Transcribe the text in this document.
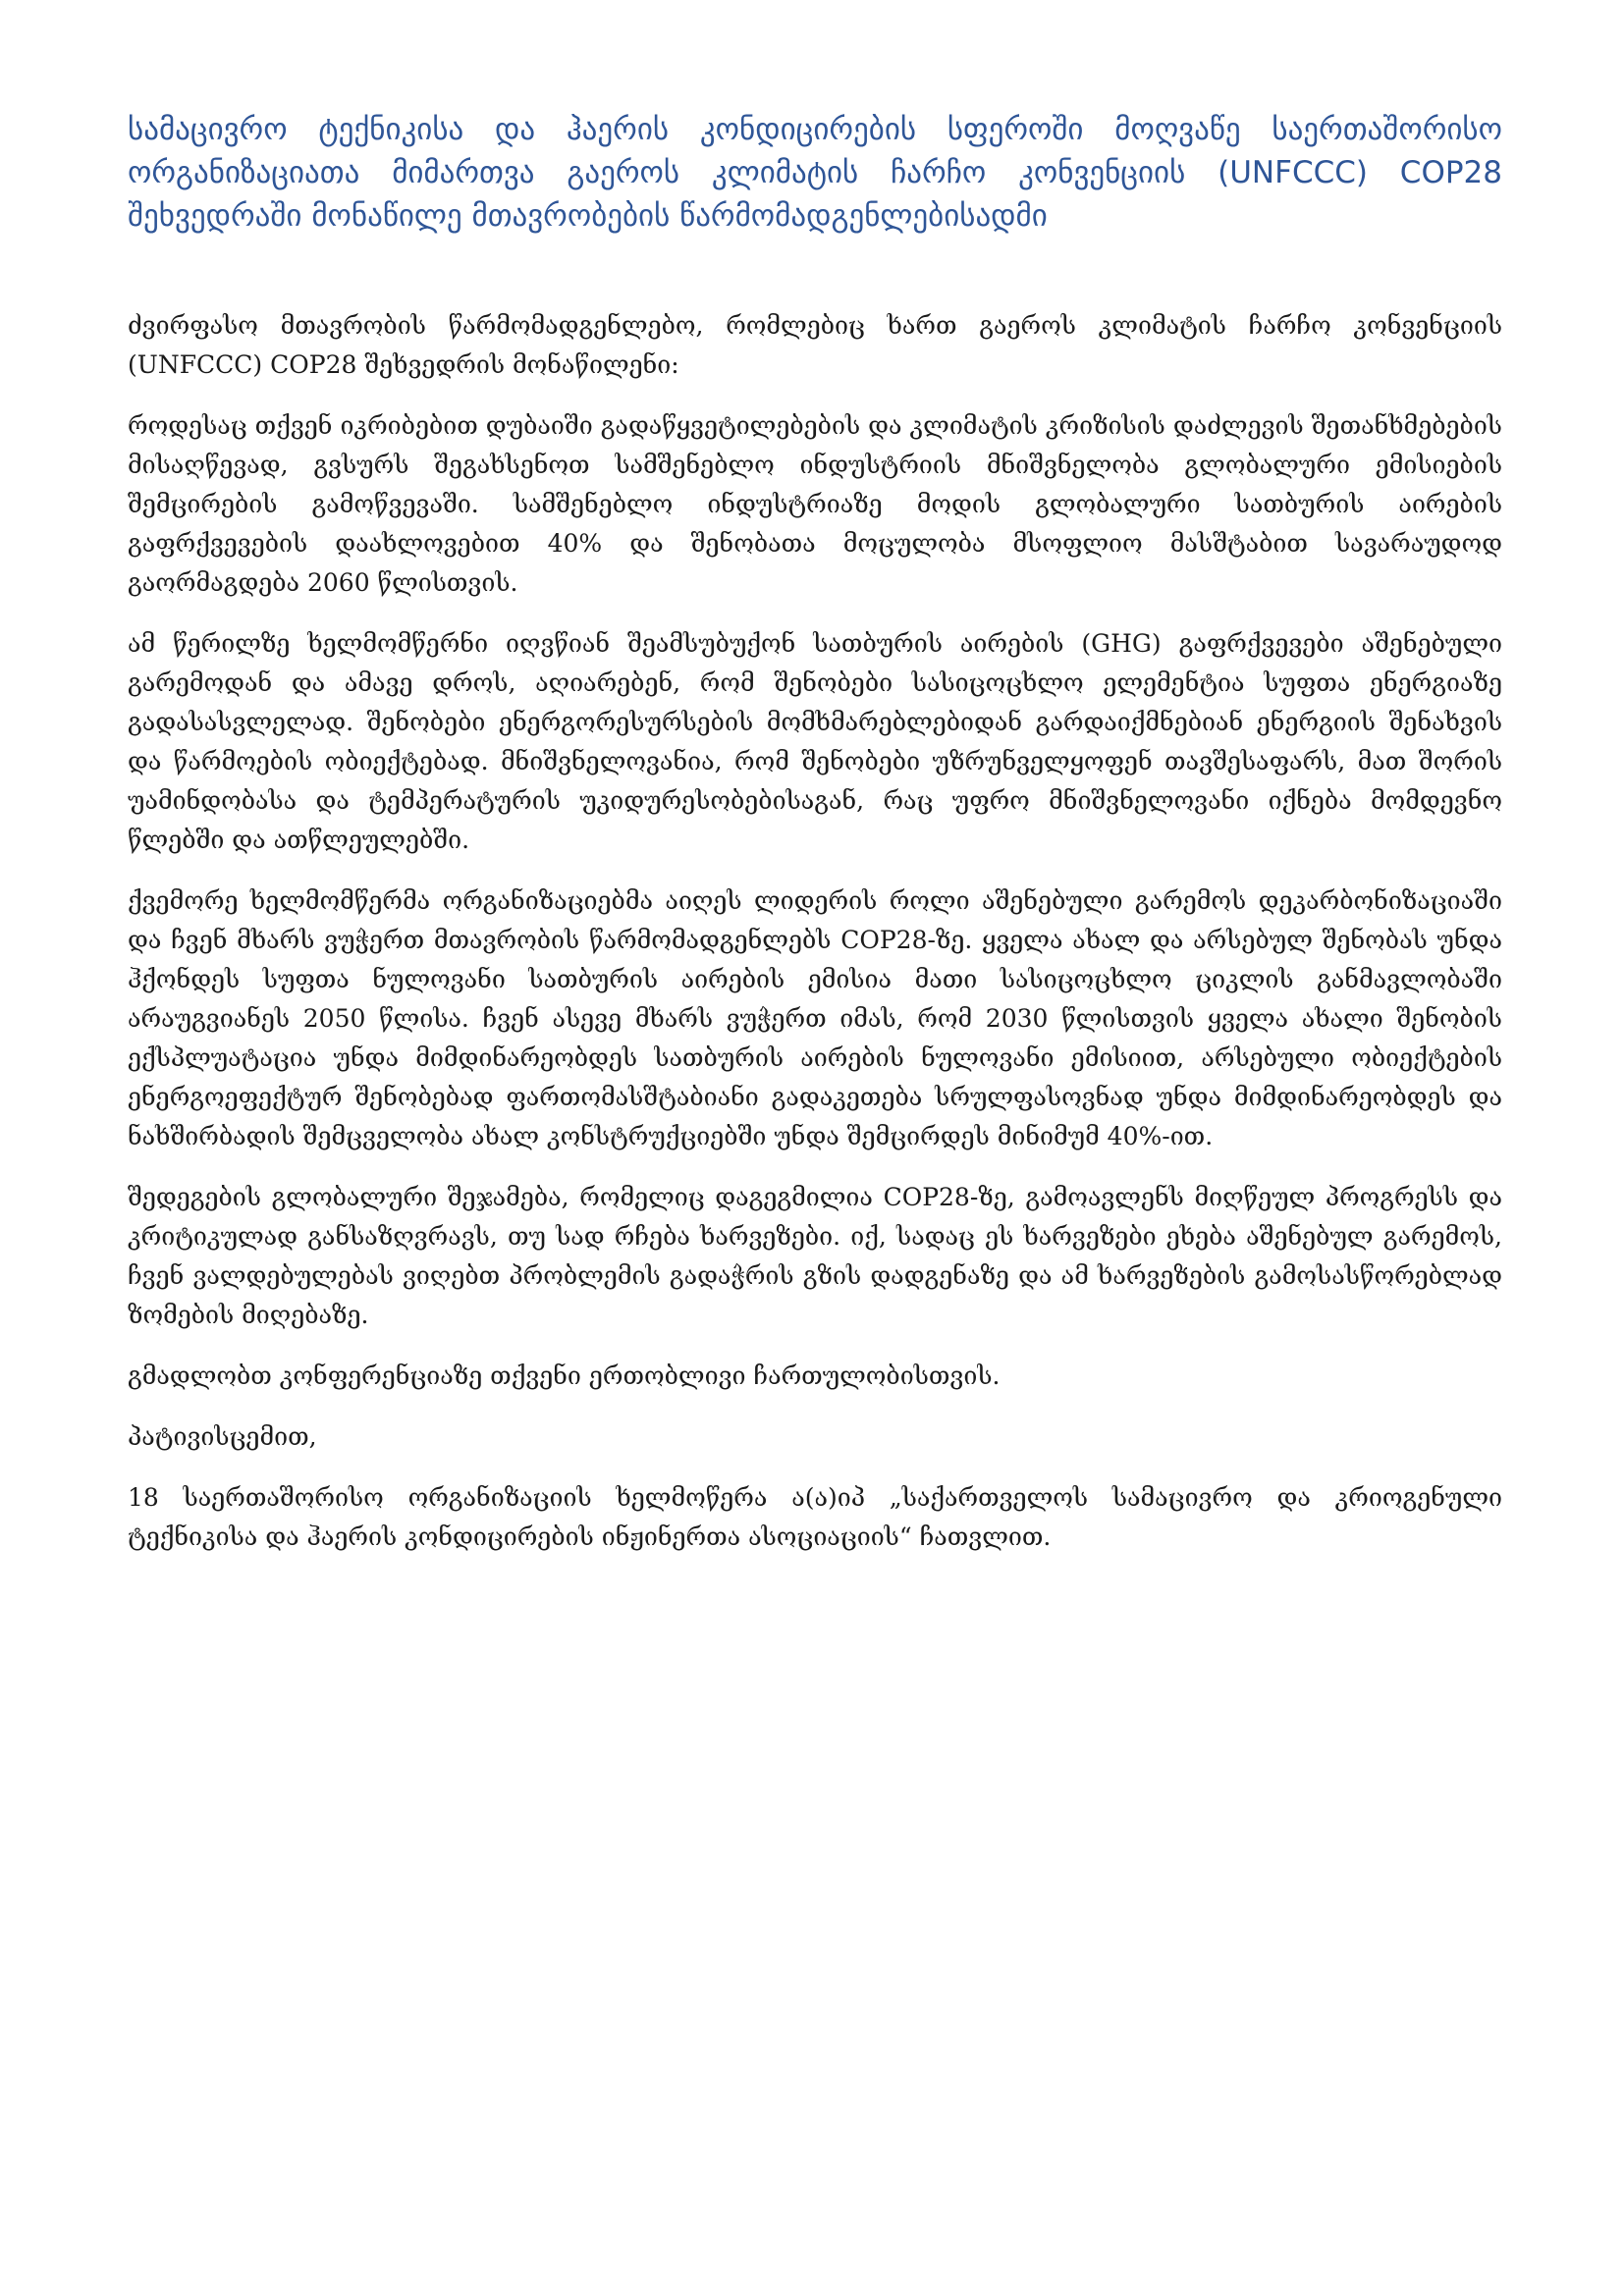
სამაცივრო ტექნიკისა და ჰაერის კონდიცირების სფეროში მოღვაწე საერთაშორისო ორგანიზაციათა მიმართვა გაეროს კლიმატის ჩარჩო კონვენციის (UNFCCC) COP28 შეხვედრაში მონაწილე მთავრობების წარმომადგენლებისადმი

ძვირფასო მთავრობის წარმომადგენლებო, რომლებიც ხართ გაეროს კლიმატის ჩარჩო კონვენციის (UNFCCC) COP28 შეხვედრის მონაწილენი:

როდესაც თქვენ იკრიბებით დუბაიში გადაწყვეტილებების და კლიმატის კრიზისის დაძლევის შეთანხმებების მისაღწევად, გვსურს შეგახსენოთ სამშენებლო ინდუსტრიის მნიშვნელობა გლობალური ემისიების შემცირების გამოწვევაში. სამშენებლო ინდუსტრიაზე მოდის გლობალური სათბურის აირების გაფრქვევების დაახლოვებით 40% და შენობათა მოცულობა მსოფლიო მასშტაბით სავარაუდოდ გაორმაგდება 2060 წლისთვის.

ამ წერილზე ხელმომწერნი იღვწიან შეამსუბუქონ სათბურის აირების (GHG) გაფრქვევები აშენებული გარემოდან და ამავე დროს, აღიარებენ, რომ შენობები სასიცოცხლო ელემენტია სუფთა ენერგიაზე გადასასვლელად. შენობები ენერგორესურსების მომხმარებლებიდან გარდაიქმნებიან ენერგიის შენახვის და წარმოების ობიექტებად. მნიშვნელოვანია, რომ შენობები უზრუნველყოფენ თავშესაფარს, მათ შორის უამინდობასა და ტემპერატურის უკიდურესობებისაგან, რაც უფრო მნიშვნელოვანი იქნება მომდევნო წლებში და ათწლეულებში.

ქვემორე ხელმომწერმა ორგანიზაციებმა აიღეს ლიდერის როლი აშენებული გარემოს დეკარბონიზაციაში და ჩვენ მხარს ვუჭერთ მთავრობის წარმომადგენლებს COP28-ზე. ყველა ახალ და არსებულ შენობას უნდა ჰქონდეს სუფთა ნულოვანი სათბურის აირების ემისია მათი სასიცოცხლო ციკლის განმავლობაში არაუგვიანეს 2050 წლისა. ჩვენ ასევე მხარს ვუჭერთ იმას, რომ 2030 წლისთვის ყველა ახალი შენობის ექსპლუატაცია უნდა მიმდინარეობდეს სათბურის აირების ნულოვანი ემისიით, არსებული ობიექტების ენერგოეფექტურ შენობებად ფართომასშტაბიანი გადაკეთება სრულფასოვნად უნდა მიმდინარეობდეს და ნახშირბადის შემცველობა ახალ კონსტრუქციებში უნდა შემცირდეს მინიმუმ 40%-ით.

შედეგების გლობალური შეჯამება, რომელიც დაგეგმილია COP28-ზე, გამოავლენს მიღწეულ პროგრესს და კრიტიკულად განსაზღვრავს, თუ სად რჩება ხარვეზები. იქ, სადაც ეს ხარვეზები ეხება აშენებულ გარემოს, ჩვენ ვალდებულებას ვიღებთ პრობლემის გადაჭრის გზის დადგენაზე და ამ ხარვეზების გამოსასწორებლად ზომების მიღებაზე.

გმადლობთ კონფერენციაზე თქვენი ერთობლივი ჩართულობისთვის.

პატივისცემით,

18 საერთაშორისო ორგანიზაციის ხელმოწერა ა(ა)იპ „საქართველოს სამაცივრო და კრიოგენული ტექნიკისა და ჰაერის კონდიცირების ინჟინერთა ასოციაციის“ ჩათვლით.
